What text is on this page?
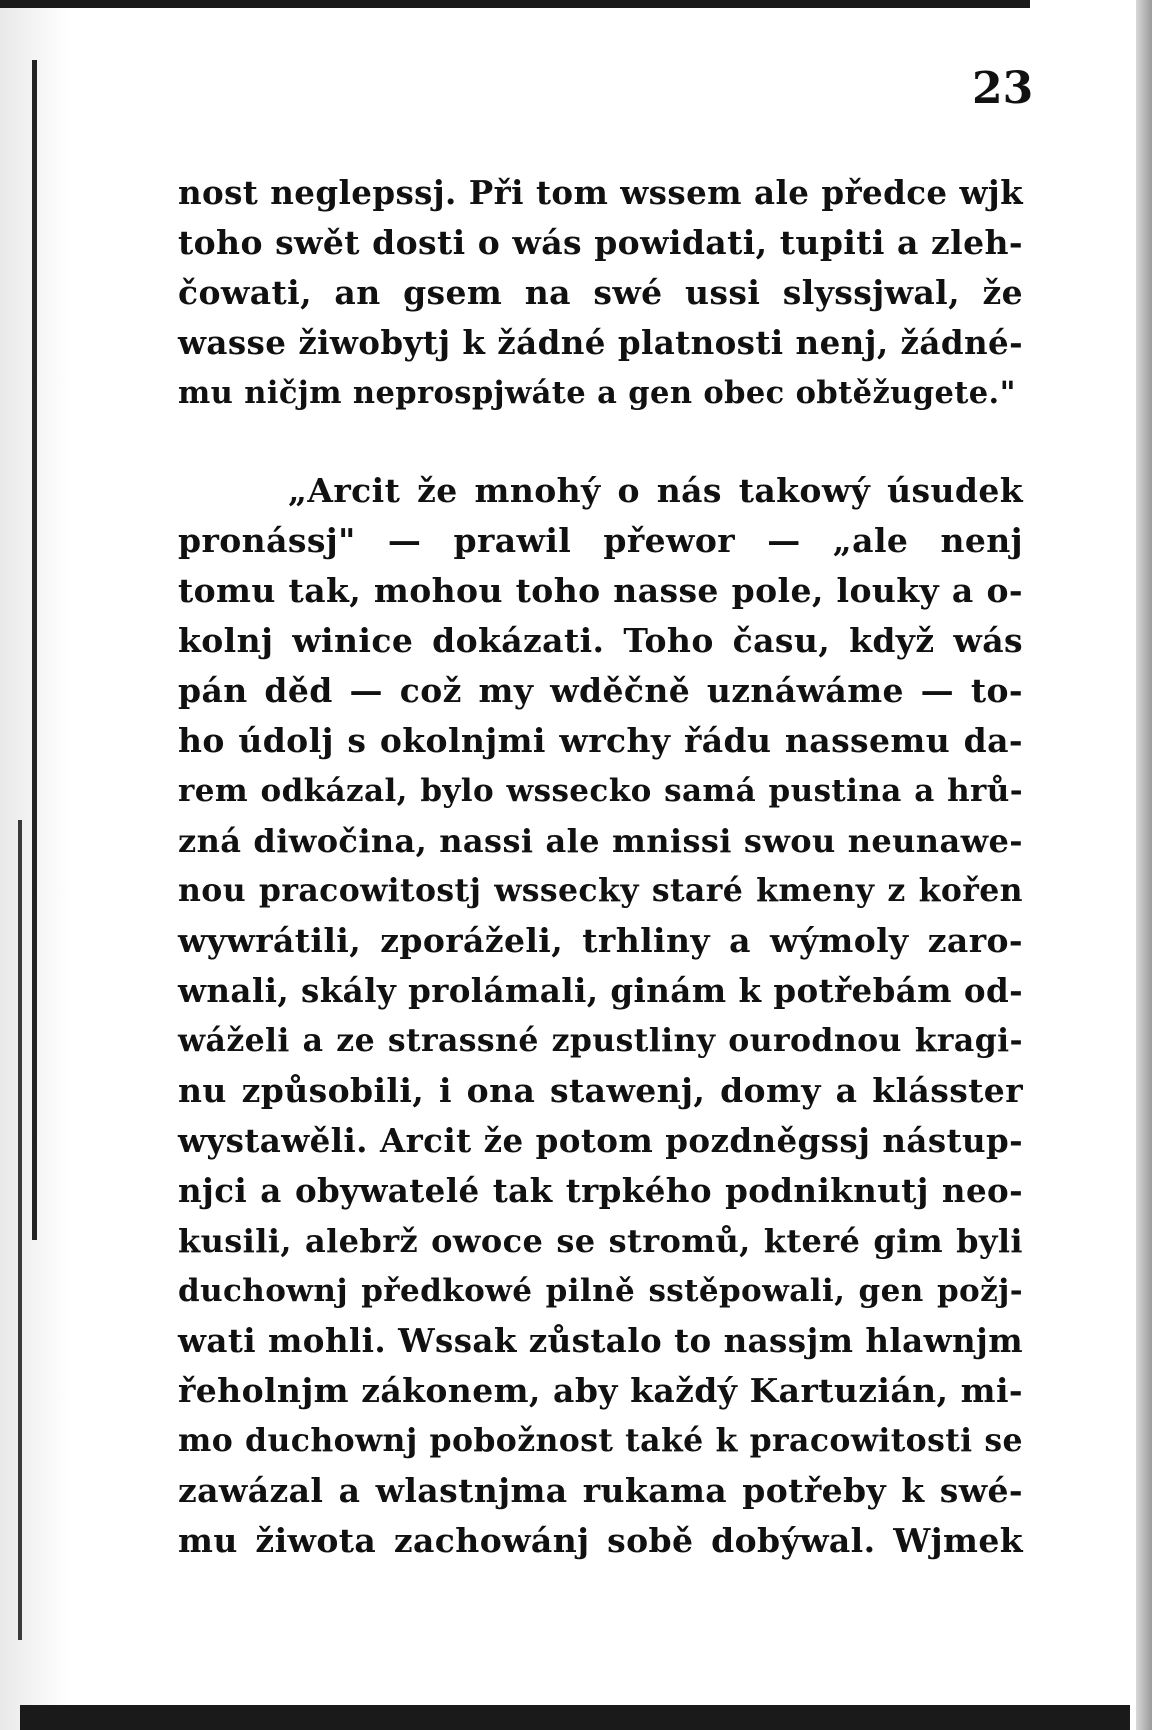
23
nost neglepssj. Při tom wssem ale předce wjk
toho swět dosti o wás powidati, tupiti a zleh-
čowati, an gsem na swé ussi slyssjwal, že
wasse žiwobytj k žádné platnosti nenj, žádné-
mu ničjm neprospjwáte a gen obec obtěžugete."
„Arcit že mnohý o nás takowý úsudek
pronássj" — prawil přewor — „ale nenj
tomu tak, mohou toho nasse pole, louky a o-
kolnj winice dokázati. Toho času, když wás
pán děd — což my wděčně uznáwáme — to-
ho údolj s okolnjmi wrchy řádu nassemu da-
rem odkázal, bylo wssecko samá pustina a hrů-
zná diwočina, nassi ale mnissi swou neunawe-
nou pracowitostj wssecky staré kmeny z kořen
wywrátili, zporáželi, trhliny a wýmoly zaro-
wnali, skály prolámali, ginám k potřebám od-
wáželi a ze strassné zpustliny ourodnou kragi-
nu způsobili, i ona stawenj, domy a klásster
wystawěli. Arcit že potom pozdněgssj nástup-
njci a obywatelé tak trpkého podniknutj neo-
kusili, alebrž owoce se stromů, které gim byli
duchownj předkowé pilně sstěpowali, gen požj-
wati mohli. Wssak zůstalo to nassjm hlawnjm
řeholnjm zákonem, aby každý Kartuzián, mi-
mo duchownj pobožnost také k pracowitosti se
zawázal a wlastnjma rukama potřeby k swé-
mu žiwota zachowánj sobě dobýwal. Wjmek
